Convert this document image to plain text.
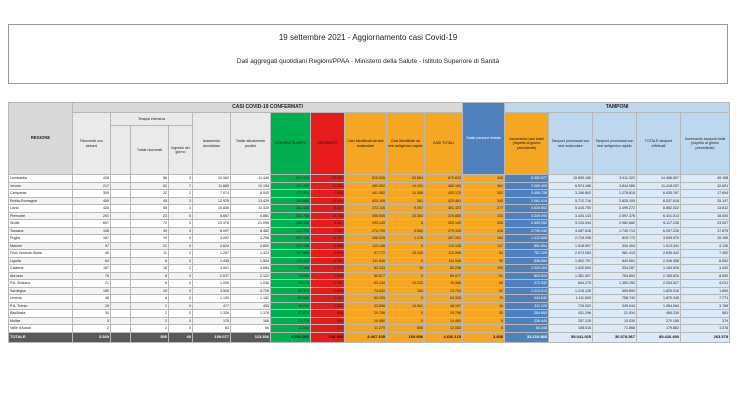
19 settembre 2021 - Aggiornamento casi Covid-19
Dati aggregati quotidiani Regioni/PPAA - Ministero della Salute - Istituto Superiore di Sanità
REGIONE	CASI COVID-19 CONFERMATI											Totale persone testate	TAMPONI					
	Ricoverati con sintomi	Terapia intensiva			Isolamento domiciliare	Totale attualmente positivi	DIMESSI/ GUARITI	DECEDUTI	Casi identificati da test molecolare	Casi identificati da test antigenico rapido	CASI TOTALI		Incremento casi totali (rispetto al giorno precedente)	Tamponi processati con test molecolare	Tamponi processati con test antigenico rapido	TOTALE tamponi effettuati	Incremento tamponi totali (rispetto al giorno precedente)	
			Totale ricoverati	Ingressi del giorno														
Lombardia	428		56	4	10.962	11.446	834.218	33.962	815.826	63.884	879.633	346	5.352.977	15.555.185	3.911.322	14.466.507	49.158	
Veneto	217		52	7	11.885	12.154	441.290	11.739	450.962	14.192	465.183	364	2.069.405	6.574.186	4.844.066	11.418.257	42.691	
Campania	309		22	2	7.674	8.005	437.301	7.804	441.382	11.388	453.170	302	3.495.735	3.156.892	1.278.815	6.435.767	17.694	
Emilia-Romagna	409		45	3	12.975	13.429	389.588	13.434	420.105	361	420.461	340	2.061.419	5.712.716	2.825.105	8.537.818	25.147	
Lazio	426		58	3	10.836	11.320	361.406	8.557	372.116	9.097	381.323	277	4.628.802	5.415.750	3.499.272	8.882.022	13.812	
Piemonte	201		23	5	5.657	5.881	361.758	11.748	356.505	20.363	376.885	153	3.349.093	3.434.133	2.597.376	6.431.513	18.000	
Sicilia	657		72	3	23.378	21.096	265.436	6.697	293.149	6	293.149	538	2.559.052	3.134.344	2.982.682	6.117.236	23.007	
Toscana	336		49	3	8.097	8.482	263.738	7.105	274.700	4.563	279.325	418	2.795.035	4.457.516	1.749.713	6.207.226	17.879	
Puglia	187		19	0	3.092	3.298	257.139	6.764	266.025	1.176	267.201	164	1.412.605	2.719.298	819.772	3.539.070	15.190	
Marche	57		22	0	2.624	2.600	107.138	3.068	113.106	0	113.106	147	881.694	1.518.997	334.404	1.513.341	4.130	
Friuli Venezia Giulia	45		11	2	1.267	1.323	107.855	3.834	97.772	15.226	112.998	94	787.229	2.073.063	981.413	2.636.442	7.492	
Liguria	63		6	0	1.435	1.504	106.942	4.397	111.945	0	111.945	99	838.884	1.902.797	843.561	2.346.358	6.552	
Calabria	167		16	2	4.501	4.684	76.189	1.370	82.243	16	82.298	199	1.029.163	1.020.605	334.287	1.154.928	3.442	
Abruzzo	76		6	0	2.037	2.122	76.000	2.538	80.677	0	80.677	61	829.625	1.381.007	764.800	2.165.810	8.590	
P.A. Bolzano	21		6	0	1.006	1.036	74.140	1.195	63.134	13.232	76.366	69	472.932	844.275	1.360.252	2.204.527	6.011	
Sardegna	180		19	0	3.526	3.726	69.374	1.625	74.632	104	74.734	62	1.014.913	1.215.126	609.890	1.825.016	1.800	
Umbria	46		6	0	1.130	1.182	60.682	1.441	63.305	0	63.305	70	434.640	1.111.605	758.740	1.870.345	7.771	
P.A. Trento	15		2	0	477	493	46.246	1.368	33.566	14.541	48.107	16	311.125	715.002	349.044	1.064.064	3.768	
Basilicata	50		2	0	1.326	1.378	27.870	608	29.756	0	29.756	35	254.653	431.296	21.934	484.230	581	
Molise	5		2	0	170	186	13.778	496	14.460	0	14.460	6	236.440	257.125	13.030	270.155	379	
Valle d'Aosta	2		2	0	63	66	11.544	473	11.279	808	12.083	6	84.348	108.016	71.866	179.882	1.078	
TOTALE	3.929		530	40	109.077	113.536	4.392.052	130.340	4.467.105	169.006	4.636.115	3.838	33.319.885	59.041.925	30.578.567	89.420.490	263.578	
